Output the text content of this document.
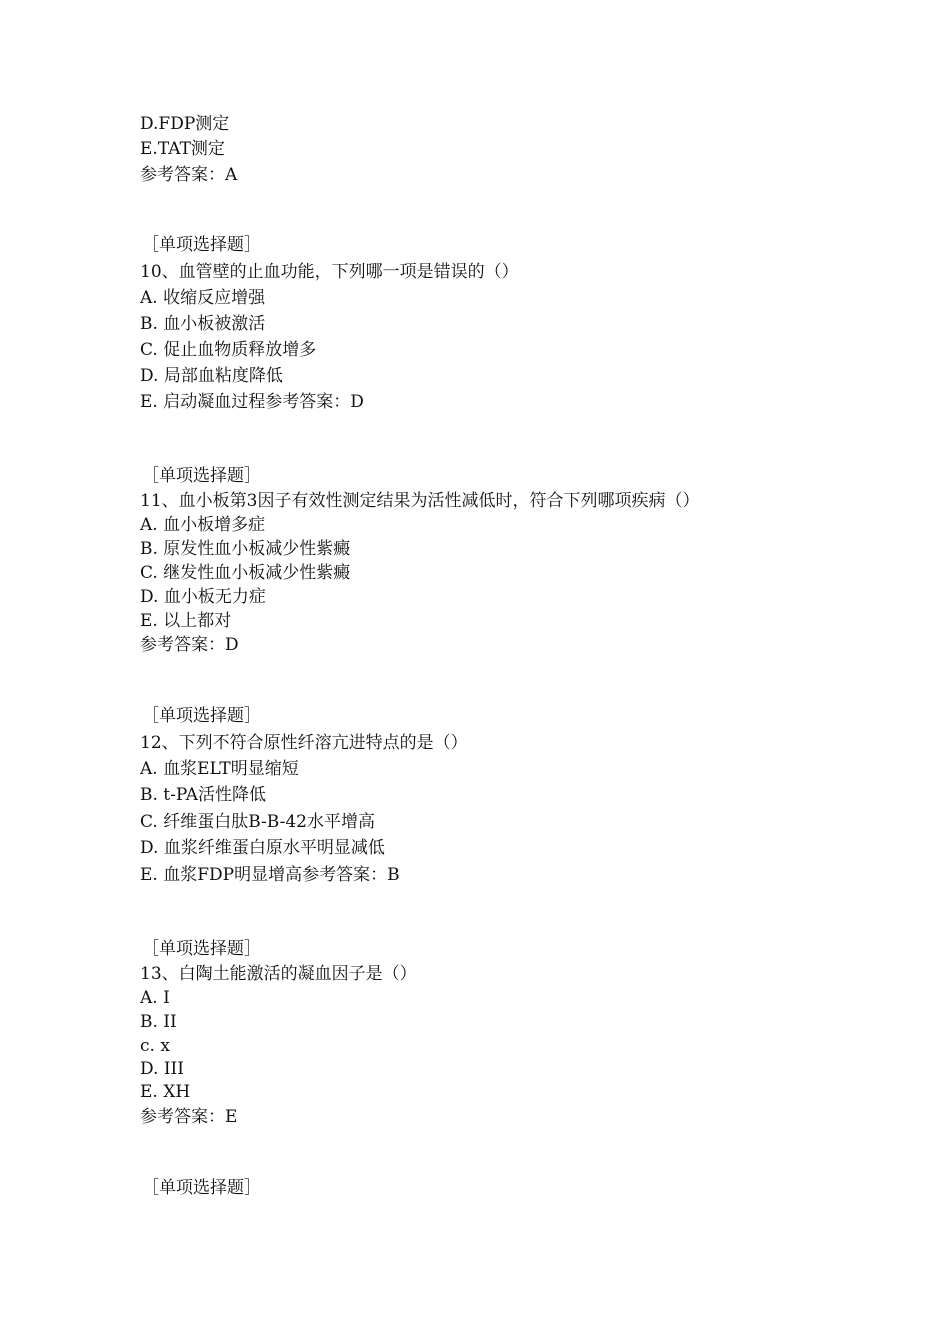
D.FDP测定
E.TAT测定
参考答案：A
［单项选择题］
10、血管壁的止血功能，下列哪一项是错误的（）
A. 收缩反应增强
B. 血小板被激活
C. 促止血物质释放增多
D. 局部血粘度降低
E. 启动凝血过程参考答案：D
［单项选择题］
11、血小板第3因子有效性测定结果为活性减低时，符合下列哪项疾病（）
A. 血小板增多症
B. 原发性血小板减少性紫癜
C. 继发性血小板减少性紫癜
D. 血小板无力症
E. 以上都对
参考答案：D
［单项选择题］
12、下列不符合原性纤溶亢进特点的是（）
A. 血浆ELT明显缩短
B. t-PA活性降低
C. 纤维蛋白肽B-B-42水平增高
D. 血浆纤维蛋白原水平明显减低
E. 血浆FDP明显增高参考答案：B
［单项选择题］
13、白陶土能激活的凝血因子是（）
A. I
B. II
c. x
D. III
E. XH
参考答案：E
［单项选择题］
